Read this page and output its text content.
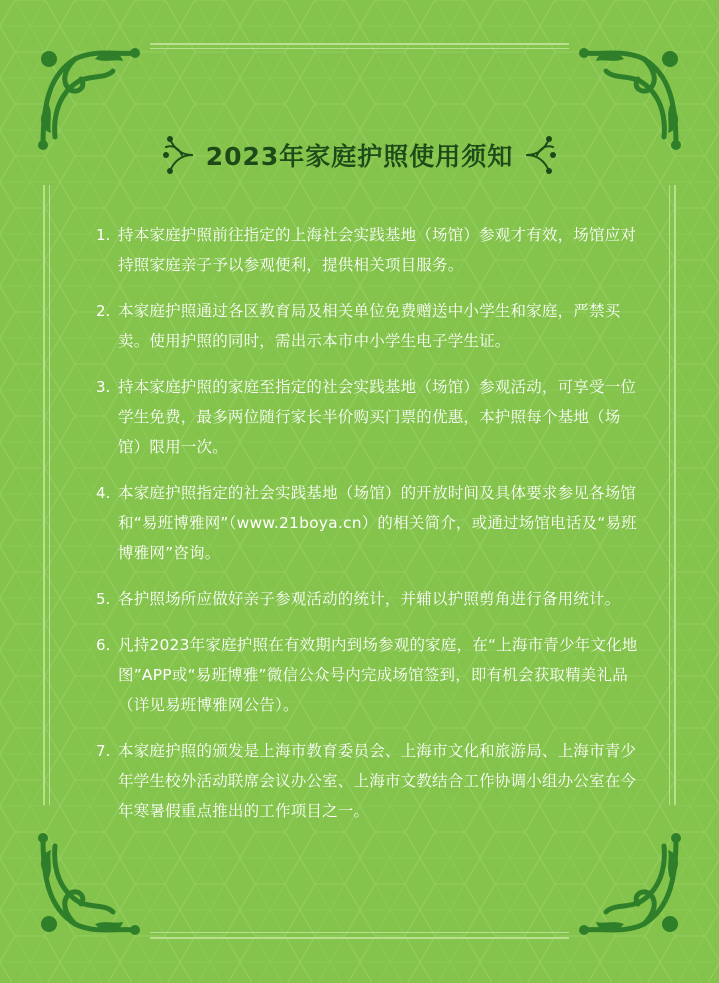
2023年家庭护照使用须知
1. 持本家庭护照前往指定的上海社会实践基地（场馆）参观才有效，场馆应对持照家庭亲子予以参观便利，提供相关项目服务。
2. 本家庭护照通过各区教育局及相关单位免费赠送中小学生和家庭，严禁买卖。使用护照的同时，需出示本市中小学生电子学生证。
3. 持本家庭护照的家庭至指定的社会实践基地（场馆）参观活动，可享受一位学生免费，最多两位随行家长半价购买门票的优惠，本护照每个基地（场馆）限用一次。
4. 本家庭护照指定的社会实践基地（场馆）的开放时间及具体要求参见各场馆和“易班博雅网”（www.21boya.cn）的相关简介，或通过场馆电话及“易班博雅网”咨询。
5. 各护照场所应做好亲子参观活动的统计，并辅以护照剪角进行备用统计。
6. 凡持2023年家庭护照在有效期内到场参观的家庭，在“上海市青少年文化地图”APP或“易班博雅”微信公众号内完成场馆签到，即有机会获取精美礼品（详见易班博雅网公告）。
7. 本家庭护照的颁发是上海市教育委员会、上海市文化和旅游局、上海市青少年学生校外活动联席会议办公室、上海市文教结合工作协调小组办公室在今年寒暑假重点推出的工作项目之一。
